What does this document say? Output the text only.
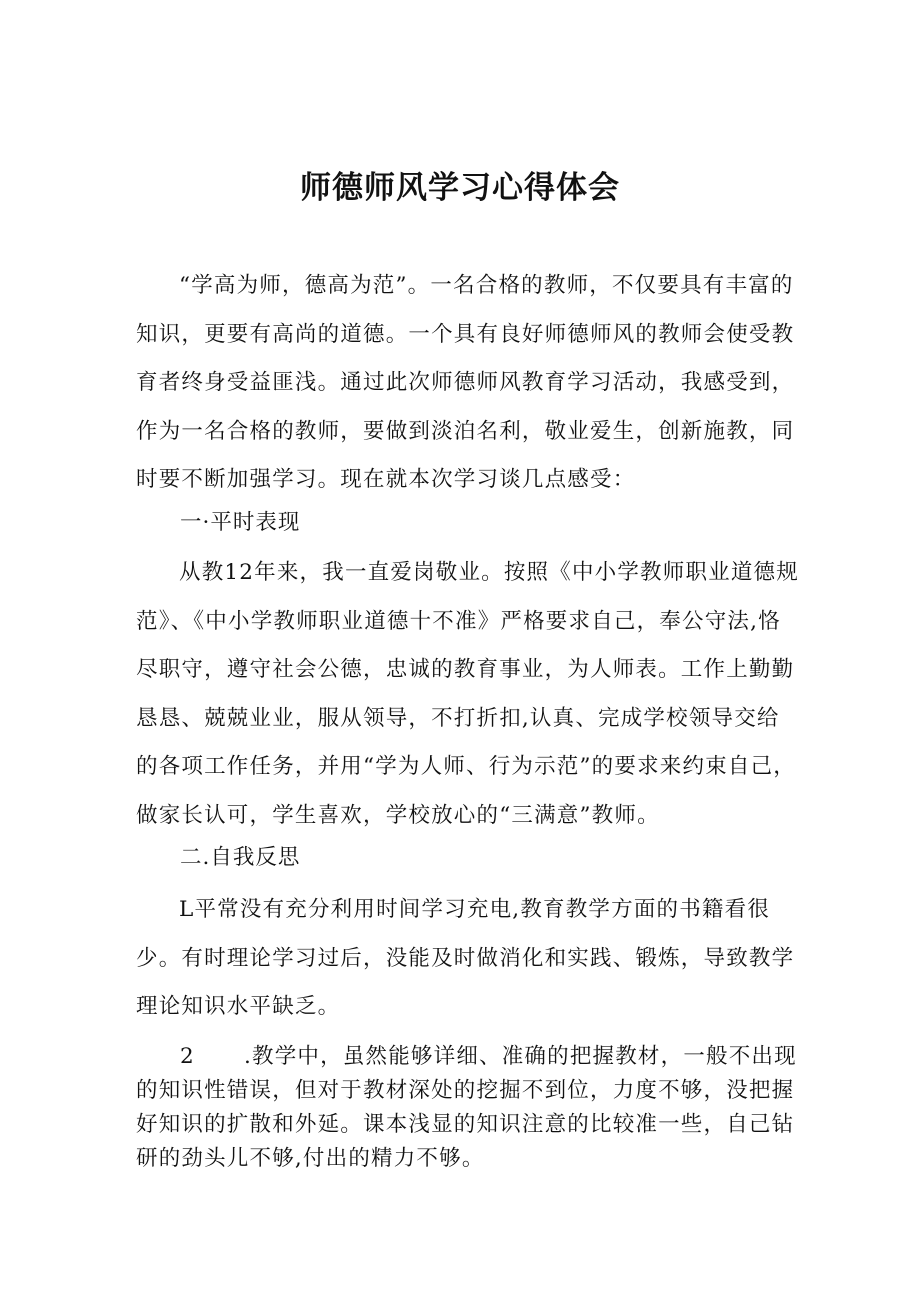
师德师风学习心得体会

“学高为师，德高为范”。一名合格的教师，不仅要具有丰富的知识，更要有高尚的道德。一个具有良好师德师风的教师会使受教育者终身受益匪浅。通过此次师德师风教育学习活动，我感受到，作为一名合格的教师，要做到淡泊名利，敬业爱生，创新施教，同时要不断加强学习。现在就本次学习谈几点感受：

一·平时表现

从教12年来，我一直爱岗敬业。按照《中小学教师职业道德规范》、《中小学教师职业道德十不准》严格要求自己，奉公守法,恪尽职守，遵守社会公德，忠诚的教育事业，为人师表。工作上勤勤恳恳、兢兢业业，服从领导，不打折扣,认真、完成学校领导交给的各项工作任务，并用“学为人师、行为示范”的要求来约束自己，做家长认可，学生喜欢，学校放心的“三满意”教师。

二.自我反思

L平常没有充分利用时间学习充电,教育教学方面的书籍看很少。有时理论学习过后，没能及时做消化和实践、锻炼，导致教学理论知识水平缺乏。

2 .教学中，虽然能够详细、准确的把握教材，一般不出现的知识性错误，但对于教材深处的挖掘不到位，力度不够，没把握好知识的扩散和外延。课本浅显的知识注意的比较准一些，自己钻研的劲头儿不够,付出的精力不够。
